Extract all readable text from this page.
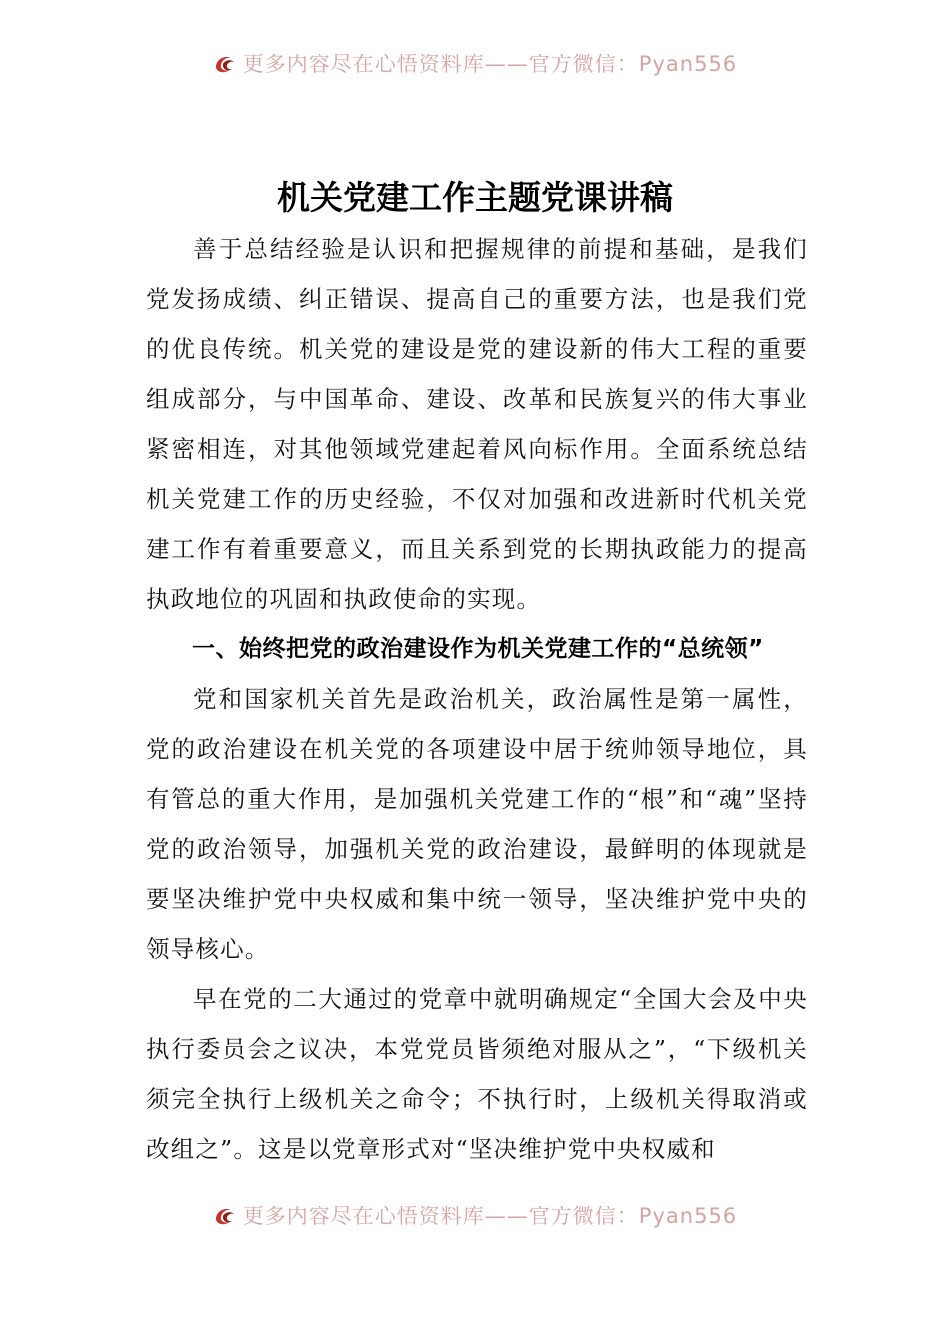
更多内容尽在心悟资料库——官方微信：Pyan556
机关党建工作主题党课讲稿

善于总结经验是认识和把握规律的前提和基础，是我们党发扬成绩、纠正错误、提高自己的重要方法，也是我们党的优良传统。机关党的建设是党的建设新的伟大工程的重要组成部分，与中国革命、建设、改革和民族复兴的伟大事业紧密相连，对其他领域党建起着风向标作用。全面系统总结机关党建工作的历史经验，不仅对加强和改进新时代机关党建工作有着重要意义，而且关系到党的长期执政能力的提高执政地位的巩固和执政使命的实现。

一、始终把党的政治建设作为机关党建工作的“总统领”

党和国家机关首先是政治机关，政治属性是第一属性，党的政治建设在机关党的各项建设中居于统帅领导地位，具有管总的重大作用，是加强机关党建工作的“根”和“魂”坚持党的政治领导，加强机关党的政治建设，最鲜明的体现就是要坚决维护党中央权威和集中统一领导，坚决维护党中央的领导核心。

早在党的二大通过的党章中就明确规定“全国大会及中央执行委员会之议决，本党党员皆须绝对服从之”，“下级机关须完全执行上级机关之命令；不执行时，上级机关得取消或改组之”。这是以党章形式对“坚决维护党中央权威和

更多内容尽在心悟资料库——官方微信：Pyan556
